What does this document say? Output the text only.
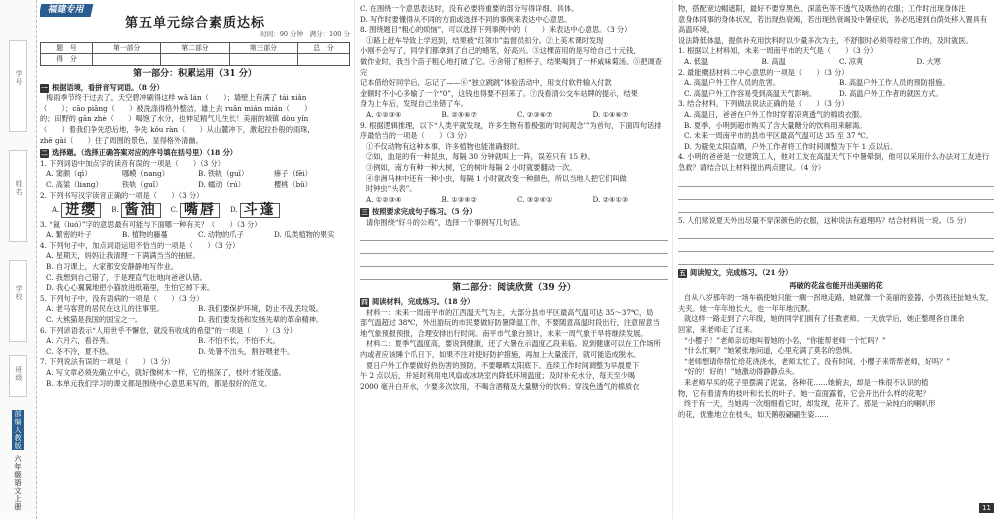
学号
姓名
学校
班级
部编人教版
六年级 语文 上册
福建专用
第五单元综合素质达标
时间：90 分钟　满分：100 分
题　号	第一部分	第二部分	第三部分	总　分
得　分				
第一部分：积累运用（31 分）

一 根据语境，看拼音写词语。（8 分）

梅雨季节终于过去了，天空碧冲刷得这样 wā lán（　　）；墙壁上有满了 tái xiǎn

（　　）；cāo piāng（　　）被洗涤得格外整洁，雄上去 ruǎn mián mián（　　）

的；田野的 gān zhè（　　）喝饱了水分，也伸足精气儿生长！美丽的城镇 dòu yǐn

（　　）着我们争先恐后地，争先 kǒu ràn（　　）从山麓冲下，激起拉扑般的雨珠，

zhè gài（　　）住了周围的景色，显得格外清幽。

二 选择题。（选择正确答案对应的序号填在括号里）（18 分）

1. 下列词语中加点字的读音有误的一项是（　　）（3 分）

A. 窦颇（qì）	哪蟆（nang）	B. 铁轨（guǐ）	瘆子（fěi）
C. 高粱（liang）	铁轨（guǐ）	D. 蠕动（rú）	樱桃（bǔ）

2. 下列书写汉字读音正确的一项是（　　）（3 分）

A. 迸缨	B. 酱油	C. 嘴唇	D. 斗蓬

3. “氤（luó）”字的意思最有可能与下面哪一种有关？（　　）（3 分）

A. 繁密的叶子	B. 植物的藤蔓	C. 动物的爪子	D. 瓜类植物的果实

4. 下列句子中，加点词语运用不恰当的一项是（　　）（3 分）

A. 星期天，妈妈让我清理一下满满当当的抽屉。

B. 自习课上，大家都安安静静地写作业。

C. 我想到自己错了，于是理直气壮地向爸爸认错。

D. 我心心翼翼地把小猫放进纸箱里，生怕它掉下来。

5. 下列句子中，没有语病的一项是（　　）（3 分）

A. 老马客营的居民在这儿的往事里。	B. 我们要保护环境，防止不乱丢垃圾。
C. 大熊猫是我国的国宝之一。	D. 我们要发扬和发扬先辈的革命精神。

6. 下列谚语表示“人用世乎不懈怠，就没有收成的希望”的一项是（　　）（3 分）

A. 六月六，看谷秀。	B. 不怕不长，不怕不大。
C. 冬不冷，夏不热。	D. 处暑不出头，割谷喂老牛。

7. 下列说法有误的一项是（　　）（3 分）

A. 写文章必须先确立中心，就好像树木一样，它的根深了，枝叶才能茂盛。

B. 本单元我们学习的课文都是围绕中心意思来写的，都是很好的范文。

C. 在围绕一个意思表达时，没有必要将重要的部分写得详细、具体。

D. 写作时要懂得从不同的方面或选择不同的事例来表达中心意思。

8. 围绕题目“粗心的烦恼”，可以选择下列事例中的（　　）来表达中心意思。（3 分）

①路上赶车导致上学迟到，结果被“红领巾”监督员扣分。②上美术课时发现

小刚不会写了，同学们都拿到了自己的蜡笔，好高兴。③这棵苗用的是写给自己十元钱，

做作业时，我当个苗子粗心地打破了它。④舍错了相杯子，结果喝到了一杯咸味菊汤。⑤把调查完

记本借给好同学后，忘记了——⑥“独立跳跳”体验活动中，用支付软件输入付款

金额时不小心多输了一个“0”，这钱也得要不回来了。⑦没看清公交车站牌的提示，结果

身为上车后，发现自己坐错了车。

A. ①②③④	B. ②⑤⑥⑦	C. ②③⑥⑦	D. ①④⑥⑦

9. 根据逻辑推理，以下“人类平就发现，许多生物有着极强的‘时间观念’”为首句，下面四句话排序最恰当的一项是（　　）（3 分）

①不仅动物有这种本事，许多植物也能准确报时。

②如，血是的有一种昆虫，每隔 30 分钟就叫上一阵，误差只有 15 秒。

③例如，南方有种一种大树，它的树叶每隔 2 小时就要翻动一次。

④非洲马林中还有一种小虫，每隔 1 小时就改变一种颜色，所以当地人把它们叫做

时钟虫“头表”。

A. ①②③④	B. ①③④②	C. ③②④①	D. ②④①③

三 按照要求完成句子练习。（5 分）

请你围绕“好斗的公鸡”，选择一个事例写几句话。

第二部分：阅读欣赏（39 分）

四 阅读材料，完成练习。（18 分）

材料一：未来一周南平市的江西温天气为主，大部分县市平区最高气温可达 35～37℃，局

部气温超过 38℃，外出游玩的市民要做好防暑降温工作，不要随意高温时段出行，注意留意当

地气象预报预报，合理安排出行时间。南平市气象台预计，未来一周气象干旱将继续发展。

材料二：夏季气温度高，要说到健康，还了大暑在示温度乙段来临。说到健康可以在工作场所

内或者应该睡个爪日下，如果不注对使好防护措施，再加上大量流汗，就可能造成脱水。

夏日户外工作要做好热伤害的预防，不要曝晒太阳底下。连续工作时间调整为早晨夏下

午 2 点以后，并延时利用电风扇或冰块室内降低环境温度；及时补充水分，每天至少喝

2000 毫升白开水，少要多次饮用，不喝含酒精及大量糖分的饮料；穿浅色透气的棉质衣

物，搭配宽边帽遮阳，最好不要穿黑色、深蓝色等不透气及吸热的衣服；工作时出现身体注

意身体同事的身体状况，若出现热衰竭，若出现热衰竭及中暑症状，务必迅速到自荫处移入置具有高温环境，

设法降低体温，提供补充用饮料时以少量多次为主，不舒服时必须等经常工作的，及时就医。

1. 根据以上材料知，未来一周南平市的天气是（　　）（3 分）

A. 低温	B. 高温	C. 凉爽	D. 大寒

2. 最能概括材料二中心意思的一项是（　　）（3 分）

A. 高温户外工作人员的危害。	B. 高温户外工作人员的预防措施。
C. 高温户外工作容易受到高温天气影响。	D. 高温户外工作者的就医方式。

3. 结合材料，下列做法说法正确的是（　　）（3 分）

A. 高温日，爸爸在户外工作时穿着凉爽透气的棉质衣服。

B. 夏季，小明到超市购买了含大量糖分的饮料用来解渴。

C. 未来一周南平市的县市平区最高气温可达 35 至 37 ℃。

D. 为避免太阳直晒，户外工作者将工作时间调整为下午 1 点以后。

4. 小明的爸爸是一位建筑工人，他对工友在高温天气下中暑晕倒，他可以采用什么办法对工友进行急救？请结合以上材料提出两点建议。（4 分）

5. 人们常说夏天外出尽量不穿深颜色的衣服，这种说法有道理吗？结合材料说一说。（5 分）

五 阅读短文，完成练习。（21 分）

再破的花盆也能开出美丽的花

自从八岁那年的一场车祸使她只能一瘸一拐地走路，她就像一个美丽的瓷器，小男孩还扯她头发，

夫夹。她一年年地长大，也一年年地沉默。

就这样一路走到了六年级，她的同学们拥有了任教老师。一天放学后，她正整理各自课余

回家，来老师走了过来。

“小樱子！”老师亲切地叫着她的小名，“你能帮老师一个忙吗？”

“什么忙啊？”她紧张地问道，心里充满了莫名的恐惧。

“老师想请你帮忙给花浇浇水，老师太忙了，没有时间，小樱子来帮帮老师，好吗？”

“好的！好的！”她激动得静静点头。

来老师早买的花子里摆满了泥盆，各种花……她俯去，却是一株很不认识的植

物，它有着清秀的枝叶和长长的叶子。她一直面露着，它会开出什么样的花呢？

终于有一天，当她再一次细细看它时，却发现，花开了。那是一朵纯白的喇叭形

的花，优雅地立在枝头，如天鹅般翩翩生姿……

11
